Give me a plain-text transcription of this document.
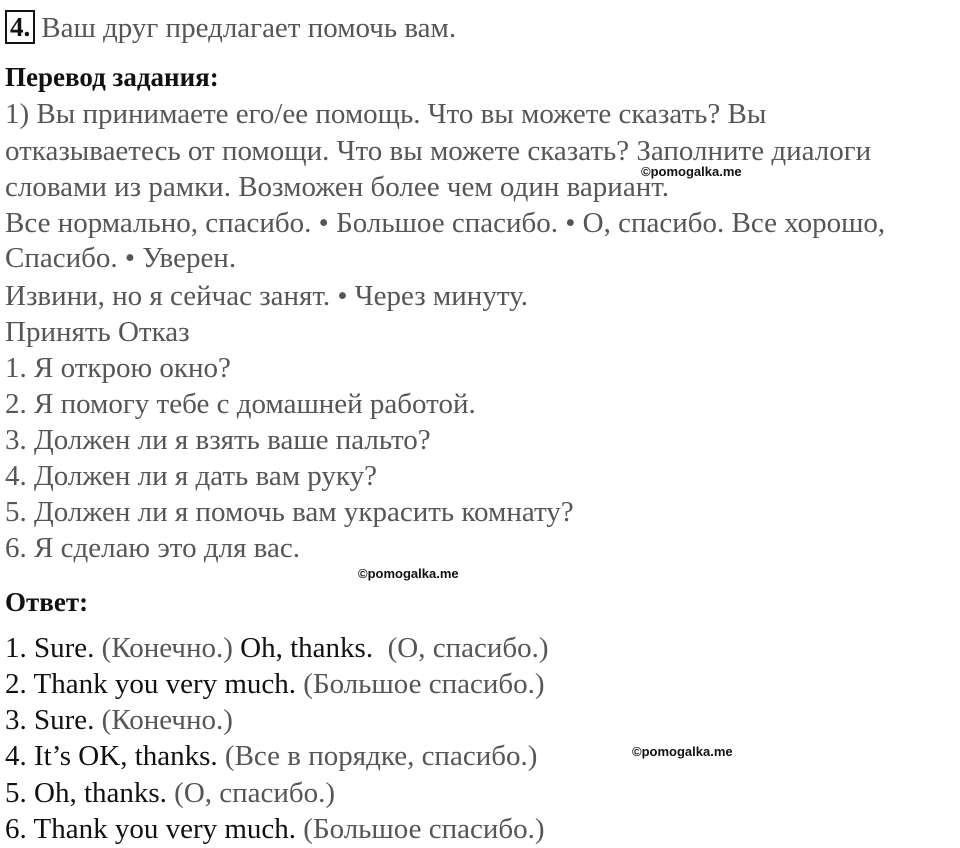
4. Ваш друг предлагает помочь вам.
Перевод задания:
1) Вы принимаете его/ее помощь. Что вы можете сказать? Вы
отказываетесь от помощи. Что вы можете сказать? Заполните диалоги
словами из рамки. Возможен более чем один вариант.
Все нормально, спасибо. • Большое спасибо. • О, спасибо. Все хорошо,
Спасибо. • Уверен.
Извини, но я сейчас занят. • Через минуту.
Принять Отказ
1. Я открою окно?
2. Я помогу тебе с домашней работой.
3. Должен ли я взять ваше пальто?
4. Должен ли я дать вам руку?
5. Должен ли я помочь вам украсить комнату?
6. Я сделаю это для вас.
Ответ:
1. Sure. (Конечно.) Oh, thanks.  (О, спасибо.)
2. Thank you very much. (Большое спасибо.)
3. Sure. (Конечно.)
4. It’s OK, thanks. (Все в порядке, спасибо.)
5. Oh, thanks. (О, спасибо.)
6. Thank you very much. (Большое спасибо.)
©pomogalka.me
©pomogalka.me
©pomogalka.me
